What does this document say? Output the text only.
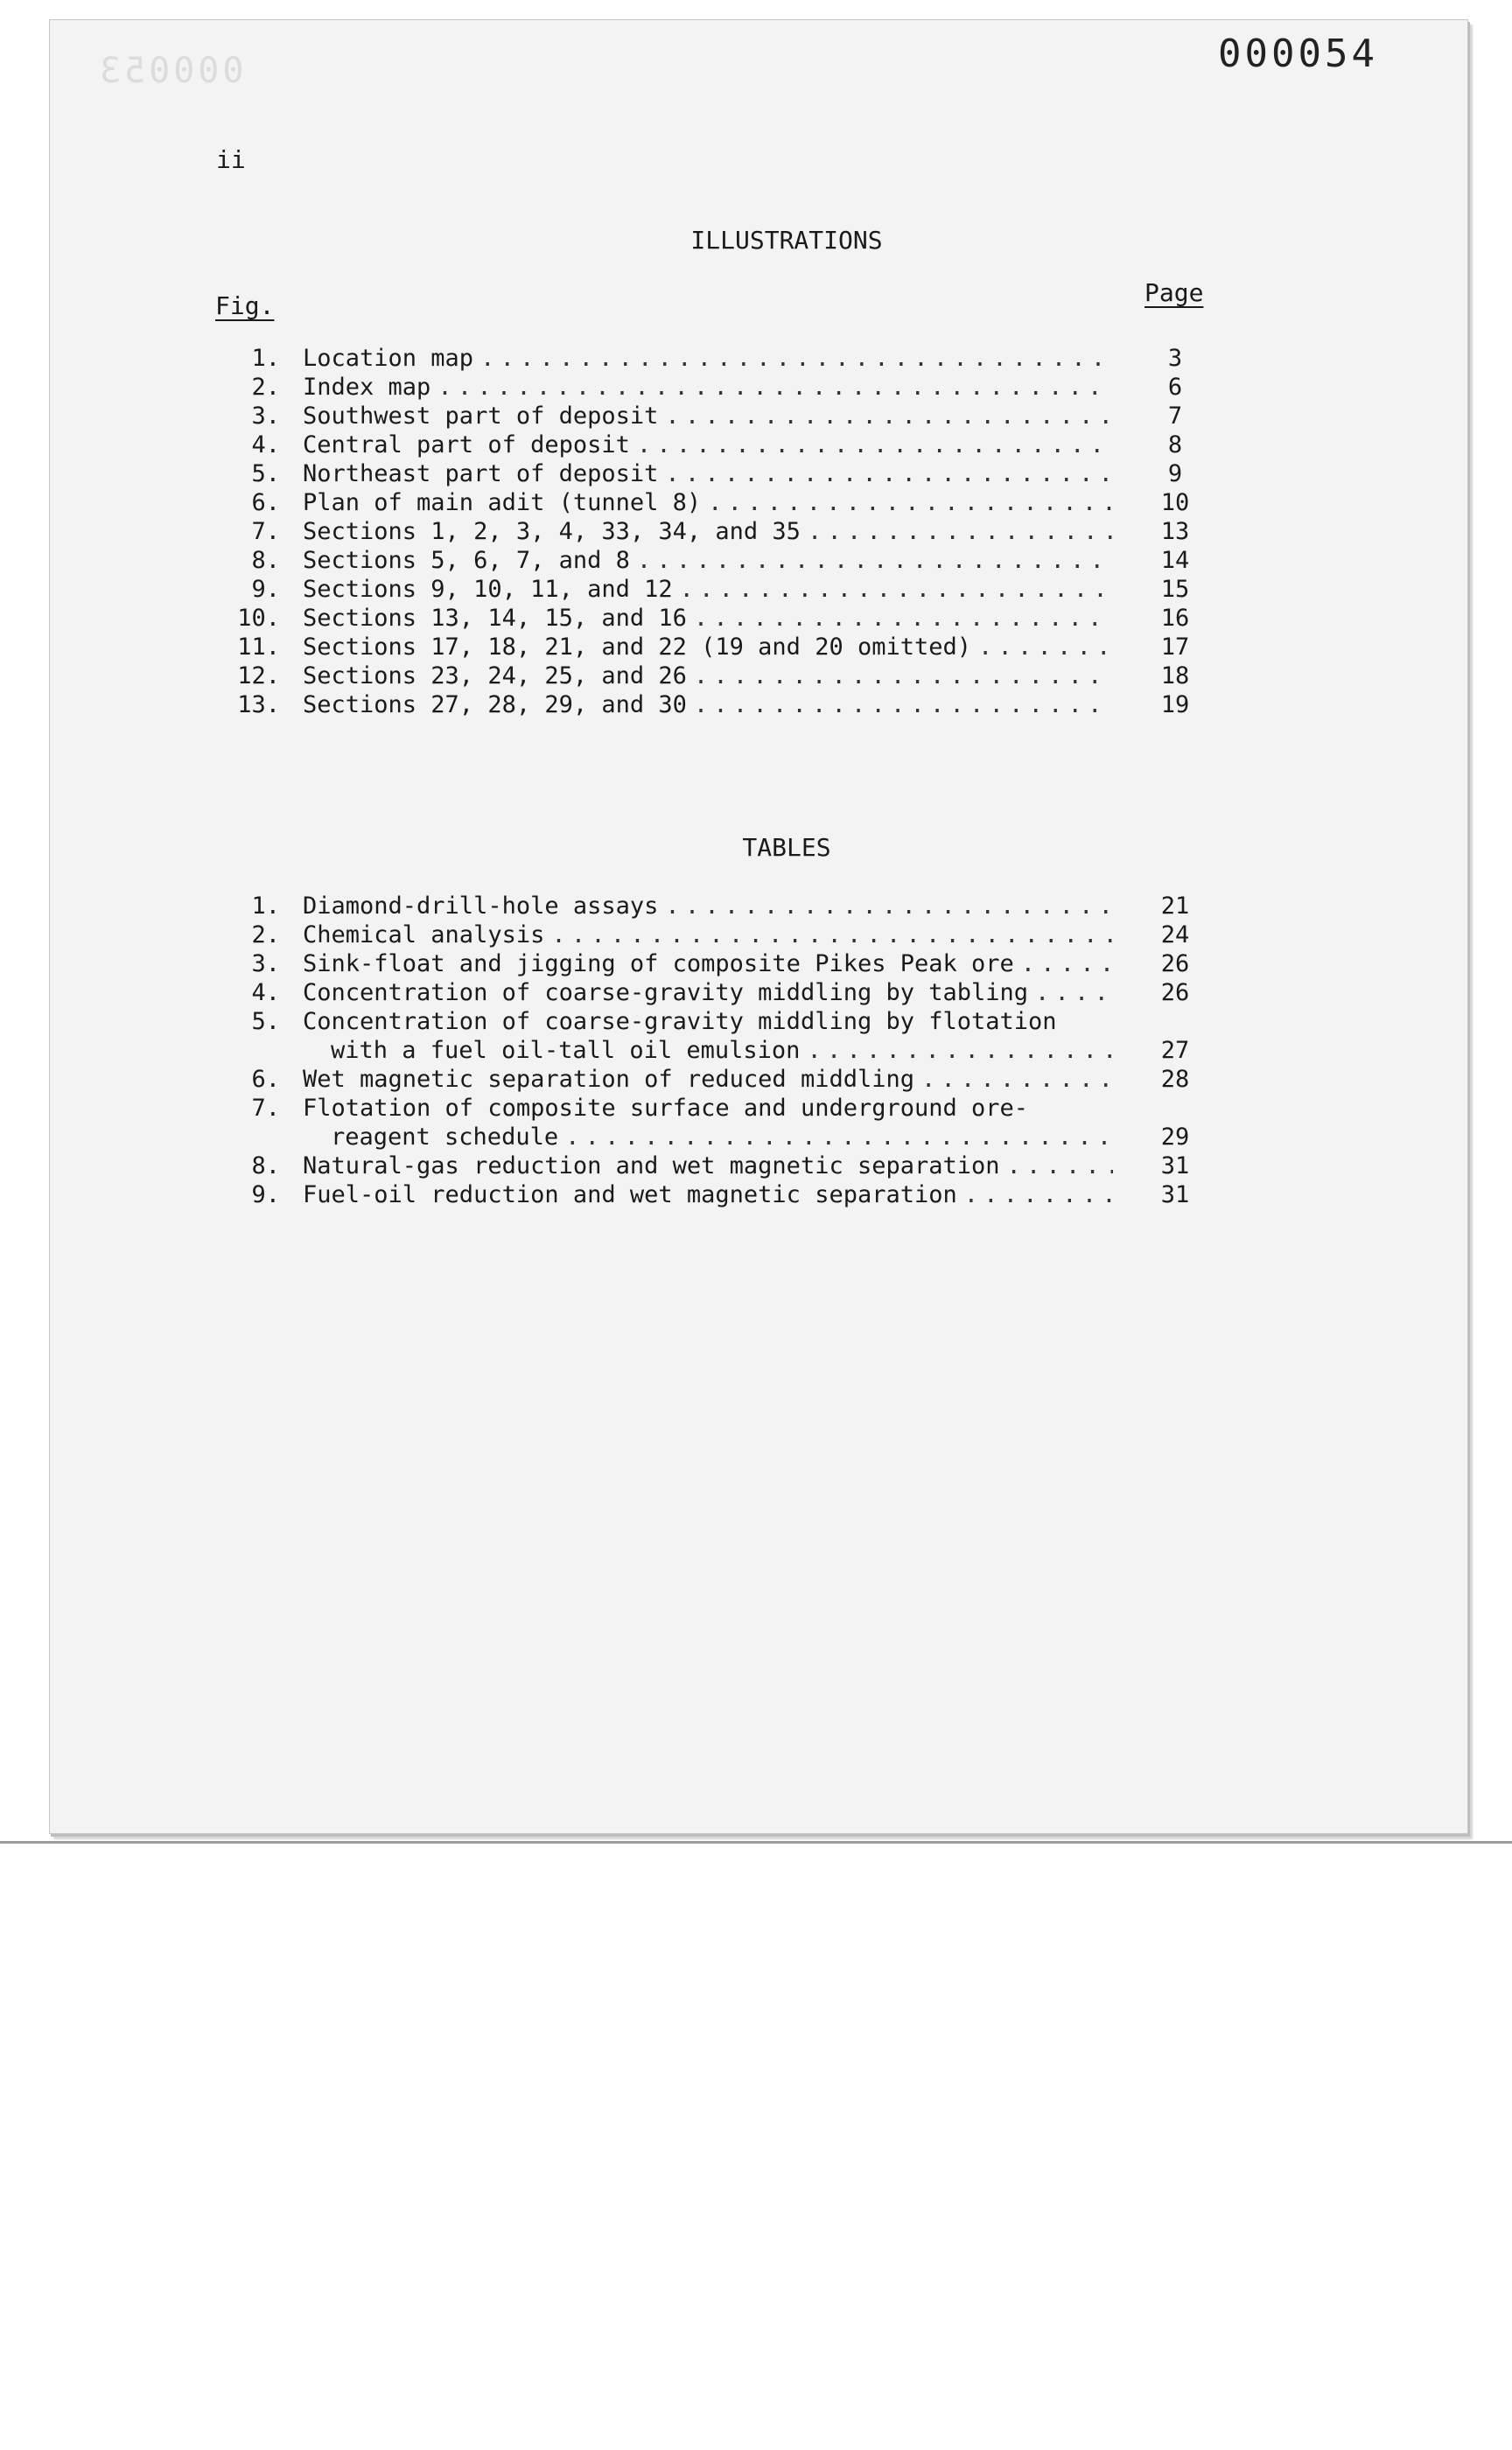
000053	000054
ii
ILLUSTRATIONS
Fig.	Page
1. Location map . . .	3
2. Index map . . .	6
3. Southwest part of deposit . . .	7
4. Central part of deposit . . .	8
5. Northeast part of deposit . . .	9
6. Plan of main adit (tunnel 8) . . .	10
7. Sections 1, 2, 3, 4, 33, 34, and 35 . . .	13
8. Sections 5, 6, 7, and 8 . . .	14
9. Sections 9, 10, 11, and 12 . . .	15
10. Sections 13, 14, 15, and 16 . . .	16
11. Sections 17, 18, 21, and 22 (19 and 20 omitted) . . .	17
12. Sections 23, 24, 25, and 26 . . .	18
13. Sections 27, 28, 29, and 30 . . .	19
TABLES
1. Diamond-drill-hole assays . . .	21
2. Chemical analysis . . .	24
3. Sink-float and jigging of composite Pikes Peak ore . . .	26
4. Concentration of coarse-gravity middling by tabling . . .	26
5. Concentration of coarse-gravity middling by flotation
with a fuel oil-tall oil emulsion . . .	27
6. Wet magnetic separation of reduced middling . . .	28
7. Flotation of composite surface and underground ore-
reagent schedule . . .	29
8. Natural-gas reduction and wet magnetic separation . . .	31
9. Fuel-oil reduction and wet magnetic separation . . .	31
